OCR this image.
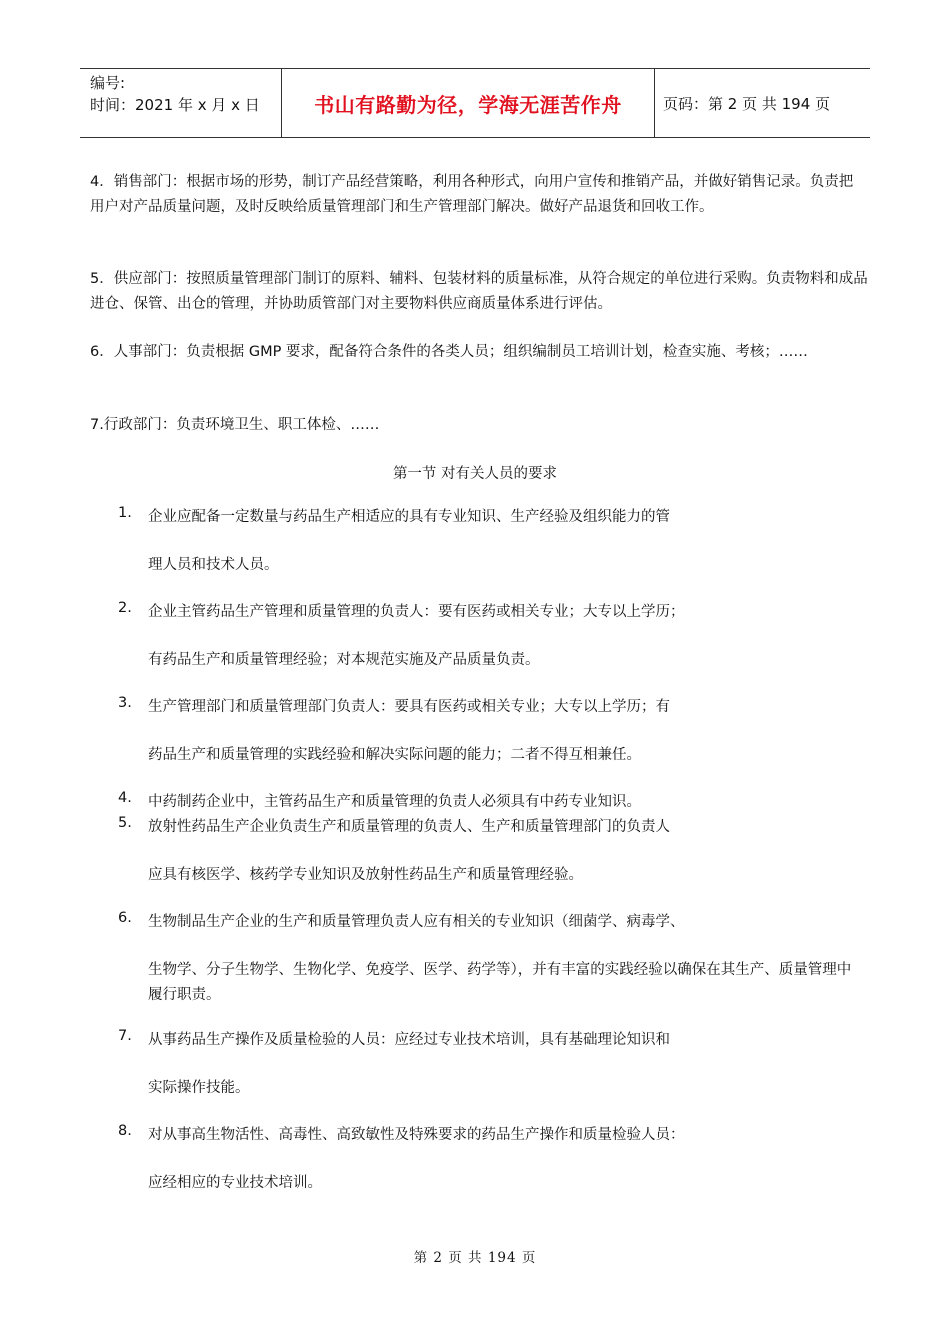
编号:
时间：2021 年 x 月 x 日	书山有路勤为径，学海无涯苦作舟	页码：第 2 页 共 194 页

4．销售部门：根据市场的形势，制订产品经营策略，利用各种形式，向用户宣传和推销产品，并做好销售记录。负责把用户对产品质量问题，及时反映给质量管理部门和生产管理部门解决。做好产品退货和回收工作。

5．供应部门：按照质量管理部门制订的原料、辅料、包装材料的质量标准，从符合规定的单位进行采购。负责物料和成品进仓、保管、出仓的管理，并协助质管部门对主要物料供应商质量体系进行评估。

6．人事部门：负责根据 GMP 要求，配备符合条件的各类人员；组织编制员工培训计划，检查实施、考核；……

7.行政部门：负责环境卫生、职工体检、……

第一节 对有关人员的要求
1.	企业应配备一定数量与药品生产相适应的具有专业知识、生产经验及组织能力的管
理人员和技术人员。
2.	企业主管药品生产管理和质量管理的负责人：要有医药或相关专业；大专以上学历；
有药品生产和质量管理经验；对本规范实施及产品质量负责。
3.	生产管理部门和质量管理部门负责人：要具有医药或相关专业；大专以上学历；有
药品生产和质量管理的实践经验和解决实际问题的能力；二者不得互相兼任。
4.	中药制药企业中，主管药品生产和质量管理的负责人必须具有中药专业知识。
5.	放射性药品生产企业负责生产和质量管理的负责人、生产和质量管理部门的负责人
应具有核医学、核药学专业知识及放射性药品生产和质量管理经验。
6.	生物制品生产企业的生产和质量管理负责人应有相关的专业知识（细菌学、病毒学、
生物学、分子生物学、生物化学、免疫学、医学、药学等），并有丰富的实践经验以确保在其生产、质量管理中履行职责。
7.	从事药品生产操作及质量检验的人员：应经过专业技术培训，具有基础理论知识和
实际操作技能。
8.	对从事高生物活性、高毒性、高致敏性及特殊要求的药品生产操作和质量检验人员：
应经相应的专业技术培训。
第 2 页 共 194 页
